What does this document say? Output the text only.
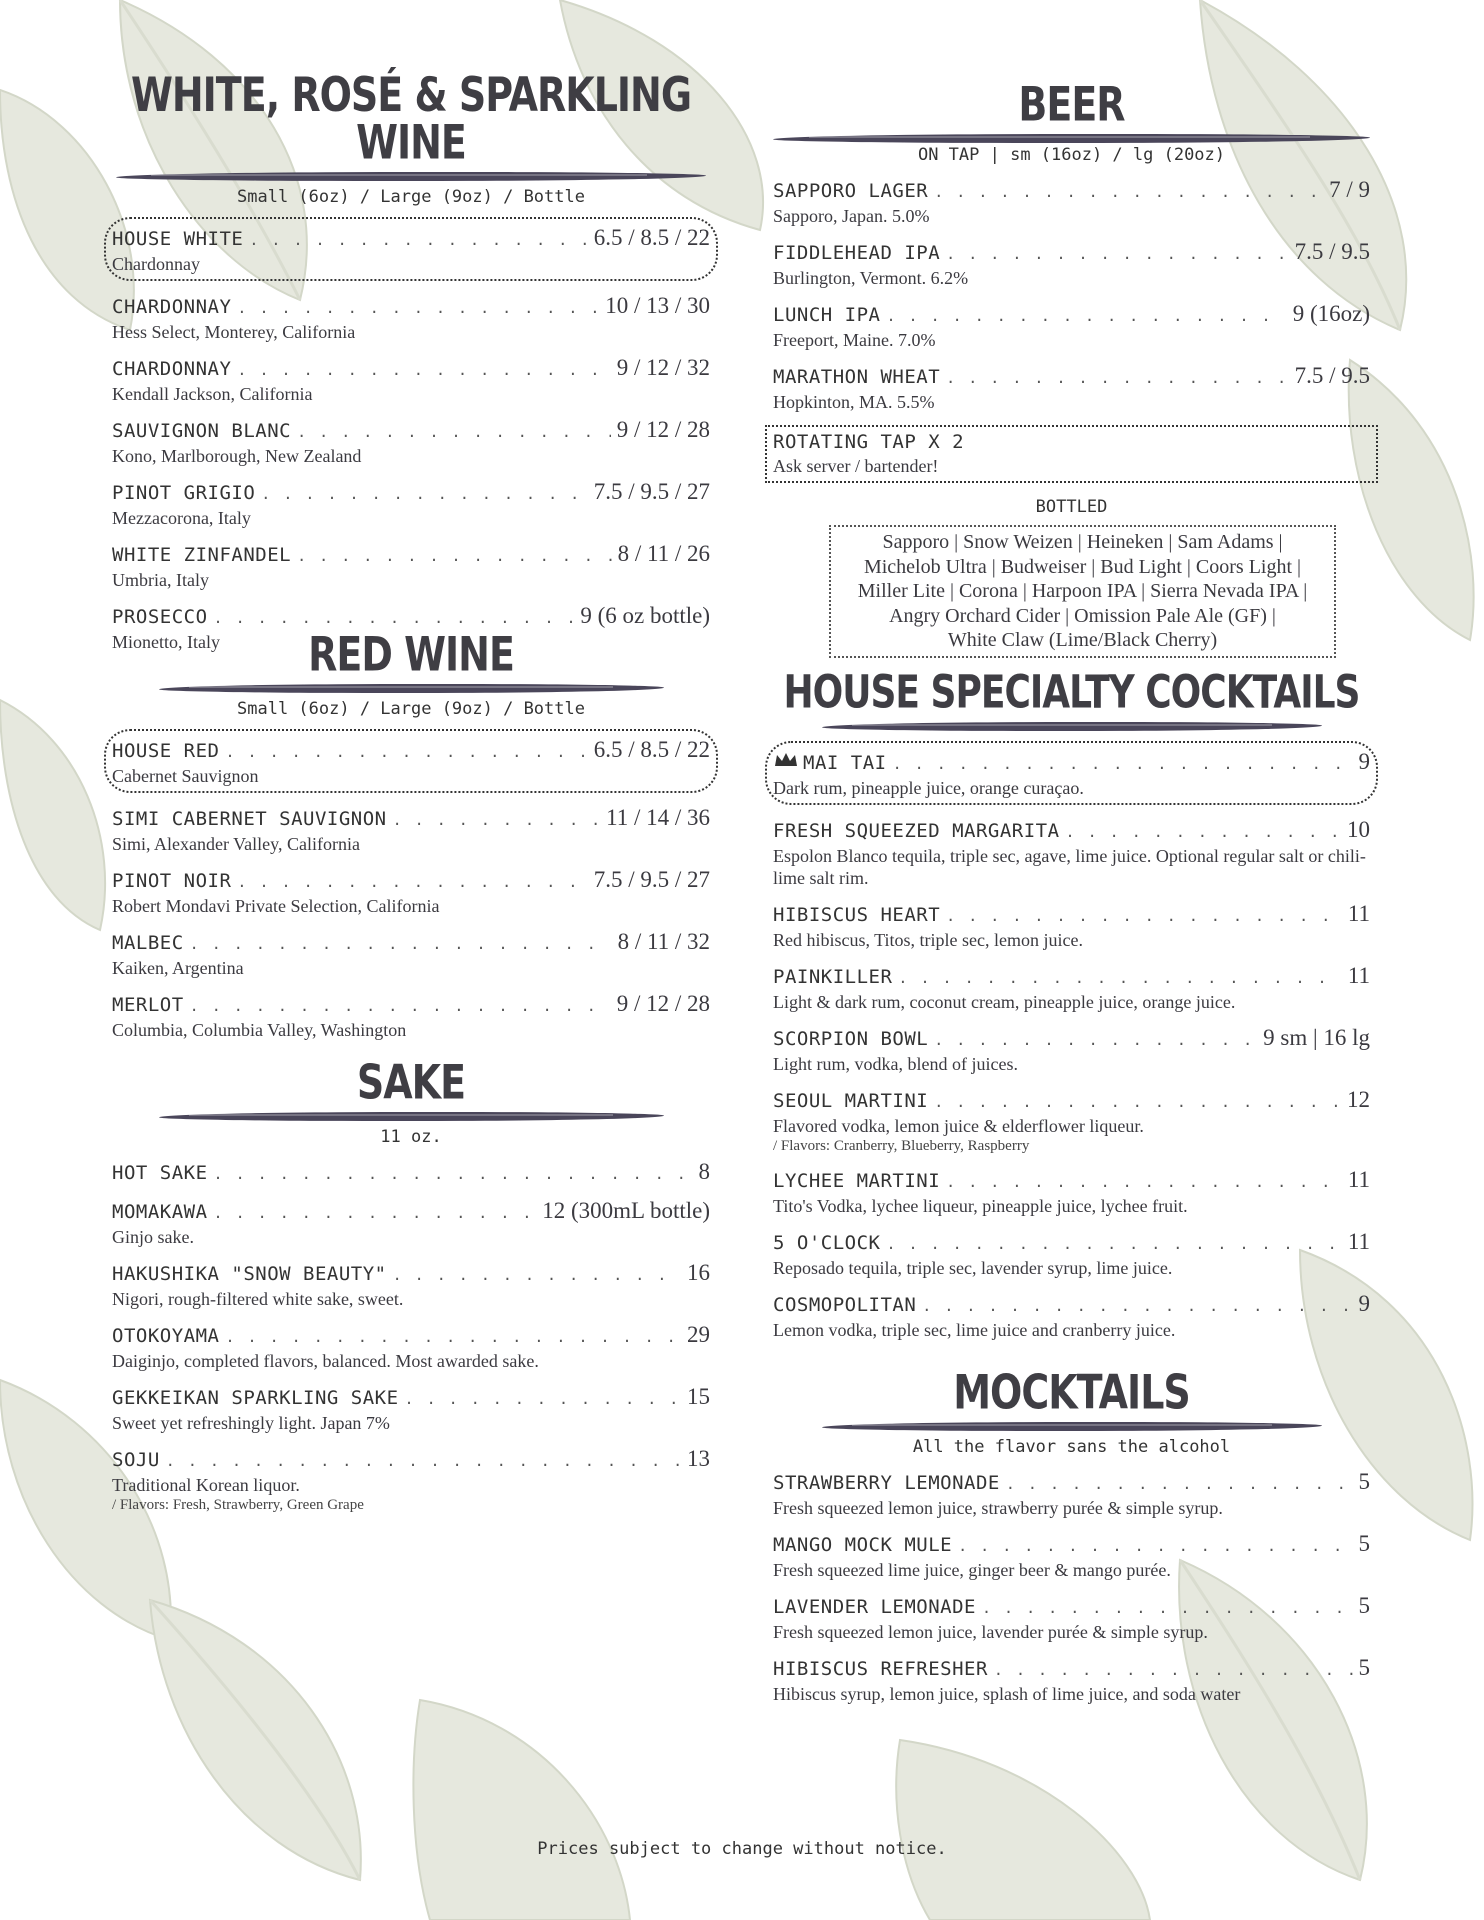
WHITE, ROSÉ & SPARKLING WINE
Small (6oz) / Large (9oz) / Bottle
HOUSE WHITE . . .	6.5 / 8.5 / 22
Chardonnay
CHARDONNAY . . .	10 / 13 / 30
Hess Select, Monterey, California
CHARDONNAY . . .	9 / 12 / 32
Kendall Jackson, California
SAUVIGNON BLANC . . .	9 / 12 / 28
Kono, Marlborough, New Zealand
PINOT GRIGIO . . .	7.5 / 9.5 / 27
Mezzacorona, Italy
WHITE ZINFANDEL . . .	8 / 11 / 26
Umbria, Italy
PROSECCO . . .	9 (6 oz bottle)
Mionetto, Italy	RED WINE
Small (6oz) / Large (9oz) / Bottle
HOUSE RED . . .	6.5 / 8.5 / 22
Cabernet Sauvignon
SIMI CABERNET SAUVIGNON . . .	11 / 14 / 36
Simi, Alexander Valley, California
PINOT NOIR . . .	7.5 / 9.5 / 27
Robert Mondavi Private Selection, California
MALBEC . . .	8 / 11 / 32
Kaiken, Argentina
MERLOT . . .	9 / 12 / 28
Columbia, Columbia Valley, Washington
SAKE
11 oz.
HOT SAKE . . .	8
MOMAKAWA . . .	12 (300mL bottle)
Ginjo sake.
HAKUSHIKA "SNOW BEAUTY" . . .	16
Nigori, rough-filtered white sake, sweet.
OTOKOYAMA . . .	29
Daiginjo, completed flavors, balanced. Most awarded sake.
GEKKEIKAN SPARKLING SAKE . . .	15
Sweet yet refreshingly light. Japan 7%
SOJU . . .	13
Traditional Korean liquor.
/ Flavors: Fresh, Strawberry, Green Grape
BEER
ON TAP | sm (16oz) / lg (20oz)
SAPPORO LAGER . . .	7 / 9
Sapporo, Japan. 5.0%
FIDDLEHEAD IPA . . .	7.5 / 9.5
Burlington, Vermont. 6.2%
LUNCH IPA . . .	9 (16oz)
Freeport, Maine. 7.0%
MARATHON WHEAT . . .	7.5 / 9.5
Hopkinton, MA. 5.5%
ROTATING TAP X 2
Ask server / bartender!
BOTTLED
Sapporo | Snow Weizen | Heineken | Sam Adams |
Michelob Ultra | Budweiser | Bud Light | Coors Light |
Miller Lite | Corona | Harpoon IPA | Sierra Nevada IPA |
Angry Orchard Cider | Omission Pale Ale (GF) |
White Claw (Lime/Black Cherry)
HOUSE SPECIALTY COCKTAILS
MAI TAI . . .	9
Dark rum, pineapple juice, orange curaçao.
FRESH SQUEEZED MARGARITA . . .	10
Espolon Blanco tequila, triple sec, agave, lime juice. Optional regular salt or chili-lime salt rim.
HIBISCUS HEART . . .	11
Red hibiscus, Titos, triple sec, lemon juice.
PAINKILLER . . .	11
Light & dark rum, coconut cream, pineapple juice, orange juice.
SCORPION BOWL . . .	9 sm | 16 lg
Light rum, vodka, blend of juices.
SEOUL MARTINI . . .	12
Flavored vodka, lemon juice & elderflower liqueur.
/ Flavors: Cranberry, Blueberry, Raspberry
LYCHEE MARTINI . . .	11
Tito's Vodka, lychee liqueur, pineapple juice, lychee fruit.
5 O'CLOCK . . .	11
Reposado tequila, triple sec, lavender syrup, lime juice.
COSMOPOLITAN . . .	9
Lemon vodka, triple sec, lime juice and cranberry juice.
MOCKTAILS
All the flavor sans the alcohol
STRAWBERRY LEMONADE . . .	5
Fresh squeezed lemon juice, strawberry purée & simple syrup.
MANGO MOCK MULE . . .	5
Fresh squeezed lime juice, ginger beer & mango purée.
LAVENDER LEMONADE . . .	5
Fresh squeezed lemon juice, lavender purée & simple syrup.
HIBISCUS REFRESHER . . .	5
Hibiscus syrup, lemon juice, splash of lime juice, and soda water
Prices subject to change without notice.
